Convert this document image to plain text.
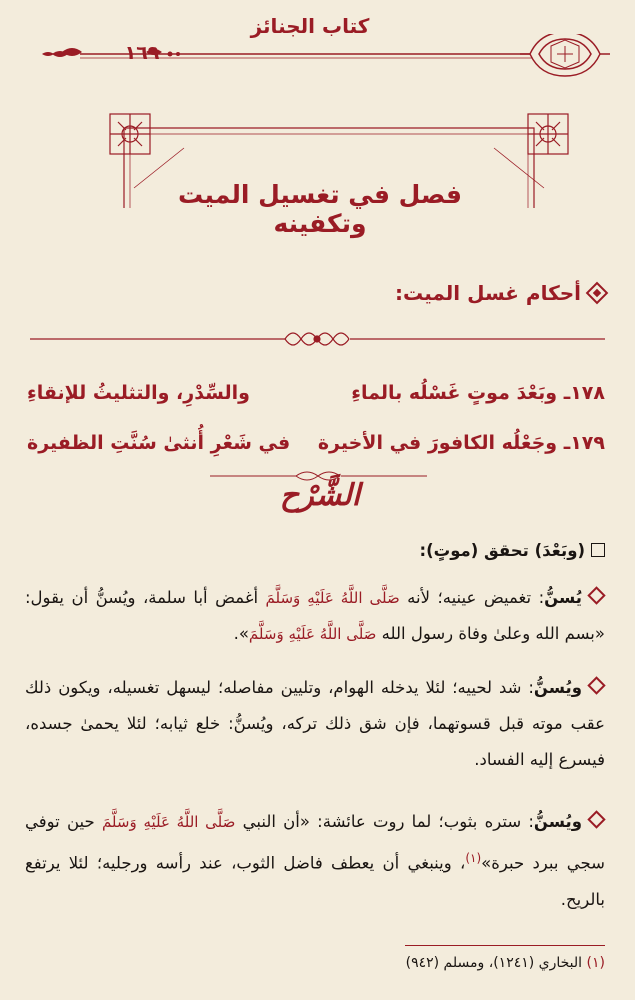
كتاب الجنائز
١٦٩
فصل في تغسيل الميت وتكفينه
أحكام غسل الميت:
١٧٨ـ وبَعْدَ موتٍ غَسْلُه بالماءِ
والسِّدْرِ، والتثليثُ للإنقاءِ
١٧٩ـ وجَعْلُه الكافورَ في الأخيرة
في شَعْرِ أُنثىٰ سُنَّتِ الظفيرة
الشَّرْح
(وبَعْدَ) تحقق (موتٍ):
يُسنُّ: تغميض عينيه؛ لأنه صَلَّى اللَّهُ عَلَيْهِ وَسَلَّمَ أغمض أبا سلمة، ويُسنُّ أن يقول: «بسم الله وعلىٰ وفاة رسول الله صَلَّى اللَّهُ عَلَيْهِ وَسَلَّمَ».
ويُسنُّ: شد لحييه؛ لئلا يدخله الهوام، وتليين مفاصله؛ ليسهل تغسيله، ويكون ذلك عقب موته قبل قسوتهما، فإن شق ذلك تركه، ويُسنُّ: خلع ثيابه؛ لئلا يحمىٰ جسده، فيسرع إليه الفساد.
ويُسنُّ: ستره بثوب؛ لما روت عائشة: «أن النبي صَلَّى اللَّهُ عَلَيْهِ وَسَلَّمَ حين توفي سجي ببرد حبرة»$^{(١)}$، وينبغي أن يعطف فاضل الثوب، عند رأسه ورجليه؛ لئلا يرتفع بالريح.
(١) البخاري (١٢٤١)، ومسلم (٩٤٢)
